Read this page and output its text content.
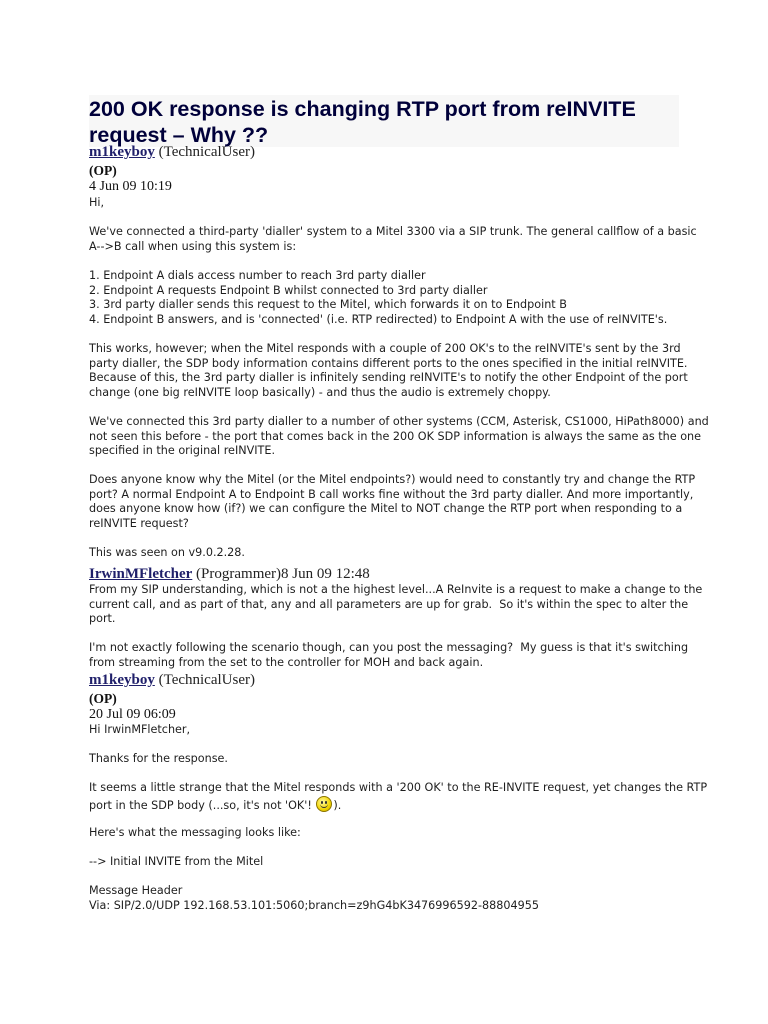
200 OK response is changing RTP port from reINVITE
request – Why ??
m1keyboy (TechnicalUser)
(OP)
4 Jun 09 10:19
Hi,
We've connected a third-party 'dialler' system to a Mitel 3300 via a SIP trunk. The general callflow of a basic
A-->B call when using this system is:
1. Endpoint A dials access number to reach 3rd party dialler
2. Endpoint A requests Endpoint B whilst connected to 3rd party dialler
3. 3rd party dialler sends this request to the Mitel, which forwards it on to Endpoint B
4. Endpoint B answers, and is 'connected' (i.e. RTP redirected) to Endpoint A with the use of reINVITE's.
This works, however; when the Mitel responds with a couple of 200 OK's to the reINVITE's sent by the 3rd
party dialler, the SDP body information contains different ports to the ones specified in the initial reINVITE.
Because of this, the 3rd party dialler is infinitely sending reINVITE's to notify the other Endpoint of the port
change (one big reINVITE loop basically) - and thus the audio is extremely choppy.
We've connected this 3rd party dialler to a number of other systems (CCM, Asterisk, CS1000, HiPath8000) and
not seen this before - the port that comes back in the 200 OK SDP information is always the same as the one
specified in the original reINVITE.
Does anyone know why the Mitel (or the Mitel endpoints?) would need to constantly try and change the RTP
port? A normal Endpoint A to Endpoint B call works fine without the 3rd party dialler. And more importantly,
does anyone know how (if?) we can configure the Mitel to NOT change the RTP port when responding to a
reINVITE request?
This was seen on v9.0.2.28.
IrwinMFletcher (Programmer)8 Jun 09 12:48
From my SIP understanding, which is not a the highest level...A ReInvite is a request to make a change to the
current call, and as part of that, any and all parameters are up for grab.  So it's within the spec to alter the
port.
I'm not exactly following the scenario though, can you post the messaging?  My guess is that it's switching
from streaming from the set to the controller for MOH and back again.
m1keyboy (TechnicalUser)
(OP)
20 Jul 09 06:09
Hi IrwinMFletcher,
Thanks for the response.
It seems a little strange that the Mitel responds with a '200 OK' to the RE-INVITE request, yet changes the RTP
port in the SDP body (...so, it's not 'OK'!
).
Here's what the messaging looks like:
--> Initial INVITE from the Mitel
Message Header
Via: SIP/2.0/UDP 192.168.53.101:5060;branch=z9hG4bK3476996592-88804955
